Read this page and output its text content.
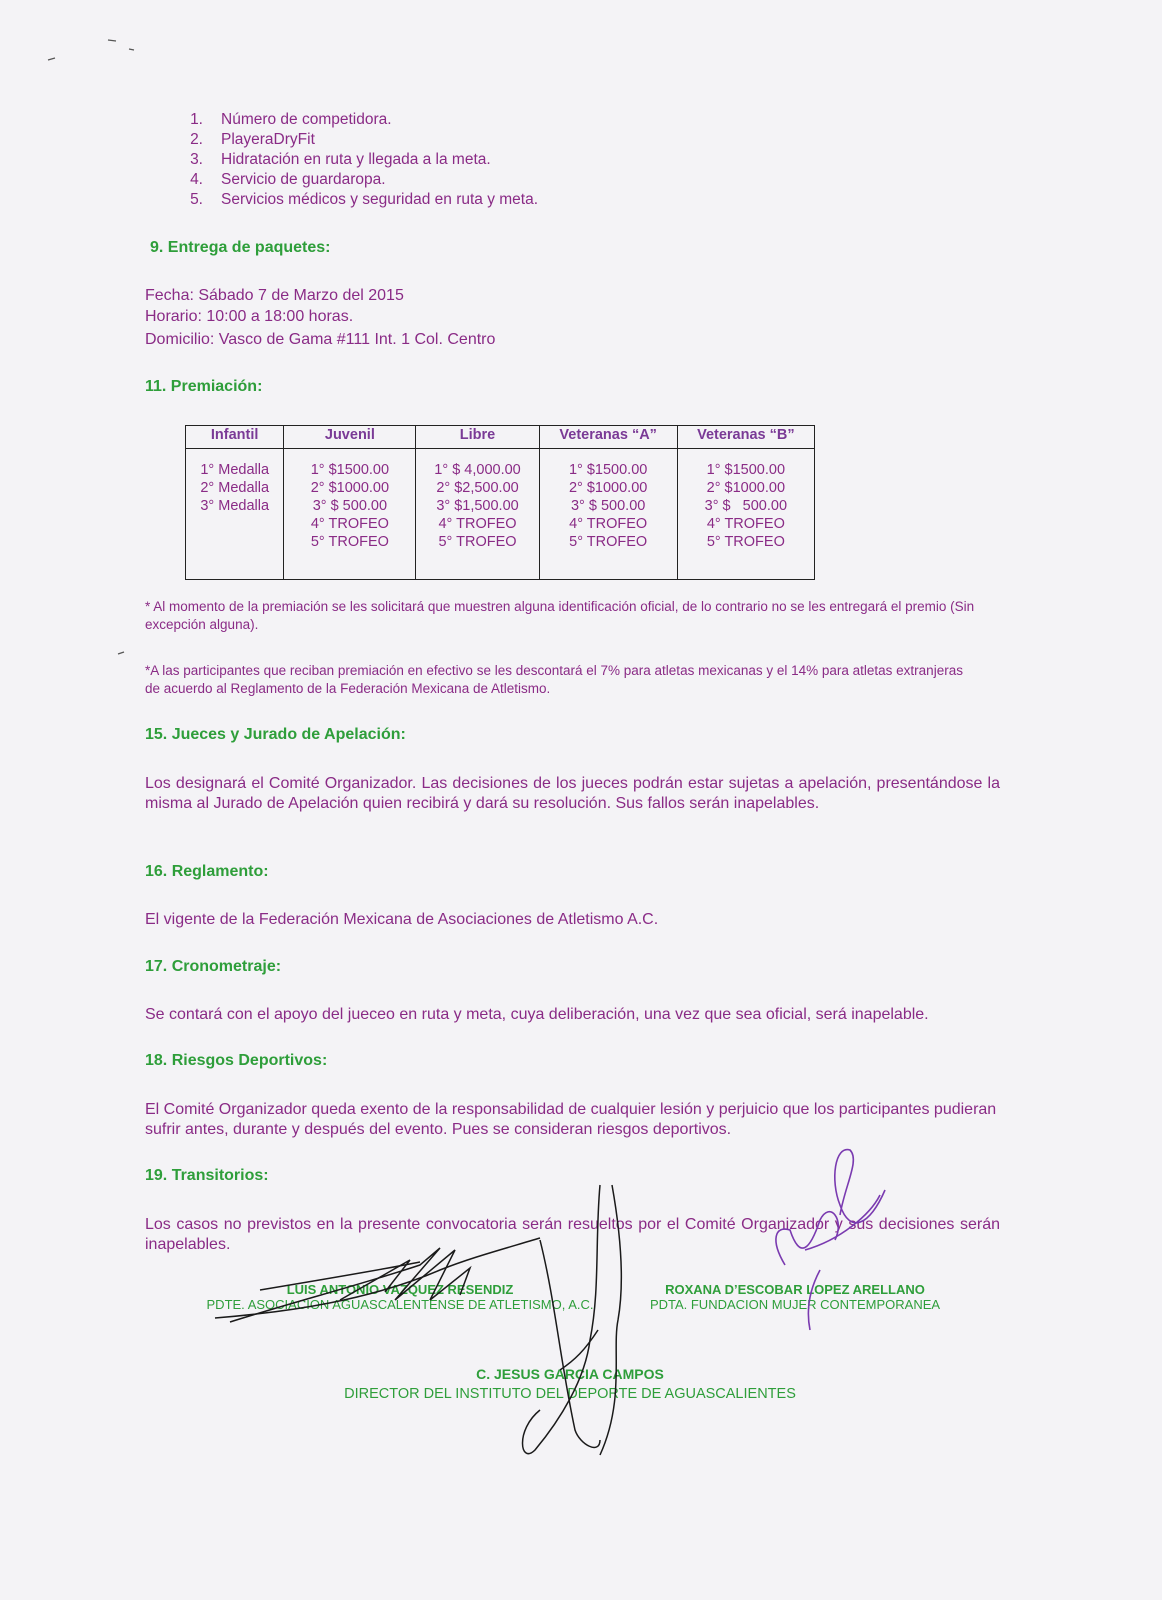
1. Número de competidora.
2. PlayeraDryFit
3. Hidratación en ruta y llegada a la meta.
4. Servicio de guardaropa.
5. Servicios médicos y seguridad en ruta y meta.
9. Entrega de paquetes:
Fecha: Sábado 7 de Marzo del 2015
Horario: 10:00 a 18:00 horas.
Domicilio: Vasco de Gama #111 Int. 1 Col. Centro
11. Premiación:
Infantil	Juvenil	Libre	Veteranas “A”	Veteranas “B”

1° Medalla
2° Medalla
3° Medalla	1° $1500.00
2° $1000.00
3° $ 500.00
4° TROFEO
5° TROFEO	1° $ 4,000.00
2° $2,500.00
3° $1,500.00
4° TROFEO
5° TROFEO	1° $1500.00
2° $1000.00
3° $ 500.00
4° TROFEO
5° TROFEO	1° $1500.00
2° $1000.00
3° $   500.00
4° TROFEO
5° TROFEO
* Al momento de la premiación se les solicitará que muestren alguna identificación oficial, de lo contrario no se les entregará el premio (Sin excepción alguna).
*A las participantes que reciban premiación en efectivo se les descontará el 7% para atletas mexicanas y el 14% para atletas extranjeras de acuerdo al Reglamento de la Federación Mexicana de Atletismo.
15. Jueces y Jurado de Apelación:
Los designará el Comité Organizador. Las decisiones de los jueces podrán estar sujetas a apelación, presentándose la misma al Jurado de Apelación quien recibirá y dará su resolución. Sus fallos serán inapelables.
16. Reglamento:
El vigente de la Federación Mexicana de Asociaciones de Atletismo A.C.
17. Cronometraje:
Se contará con el apoyo del jueceo en ruta y meta, cuya deliberación, una vez que sea oficial, será inapelable.
18. Riesgos Deportivos:
El Comité Organizador queda exento de la responsabilidad de cualquier lesión y perjuicio que los participantes pudieran sufrir antes, durante y después del evento. Pues se consideran riesgos deportivos.
19. Transitorios:
Los casos no previstos en la presente convocatoria serán resueltos por el Comité Organizador y sus decisiones serán inapelables.
LUIS ANTONIO VAZQUEZ RESENDIZ
PDTE. ASOCIACION AGUASCALENTENSE DE ATLETISMO, A.C.
ROXANA D’ESCOBAR LOPEZ ARELLANO
PDTA. FUNDACION MUJER CONTEMPORANEA
C. JESUS GARCIA CAMPOS
DIRECTOR DEL INSTITUTO DEL DEPORTE DE AGUASCALIENTES
